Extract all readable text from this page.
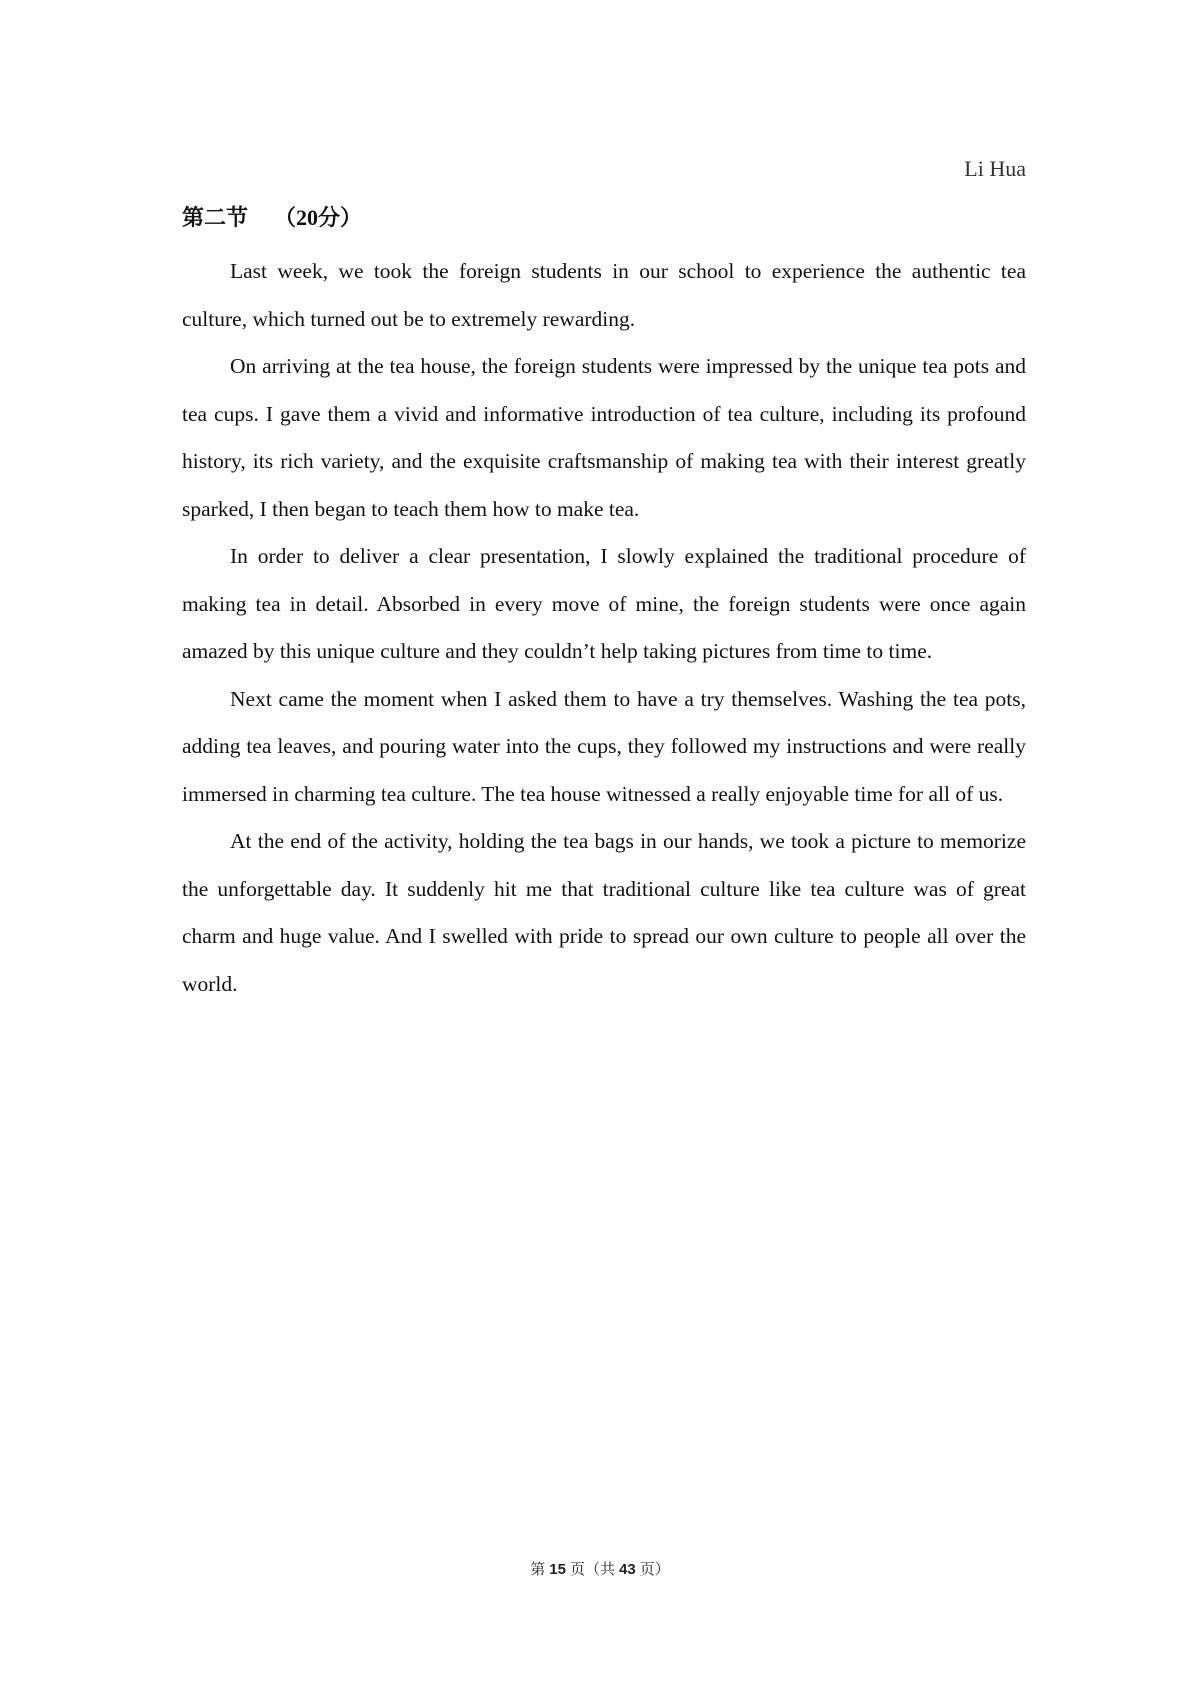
Li Hua
第二节 （20分）

Last week, we took the foreign students in our school to experience the authentic tea culture, which turned out be to extremely rewarding.

On arriving at the tea house, the foreign students were impressed by the unique tea pots and tea cups. I gave them a vivid and informative introduction of tea culture, including its profound history, its rich variety, and the exquisite craftsmanship of making tea with their interest greatly sparked, I then began to teach them how to make tea.

In order to deliver a clear presentation, I slowly explained the traditional procedure of making tea in detail. Absorbed in every move of mine, the foreign students were once again amazed by this unique culture and they couldn’t help taking pictures from time to time.

Next came the moment when I asked them to have a try themselves. Washing the tea pots, adding tea leaves, and pouring water into the cups, they followed my instructions and were really immersed in charming tea culture. The tea house witnessed a really enjoyable time for all of us.

At the end of the activity, holding the tea bags in our hands, we took a picture to memorize the unforgettable day. It suddenly hit me that traditional culture like tea culture was of great charm and huge value. And I swelled with pride to spread our own culture to people all over the world.

第 15 页（共 43 页）
